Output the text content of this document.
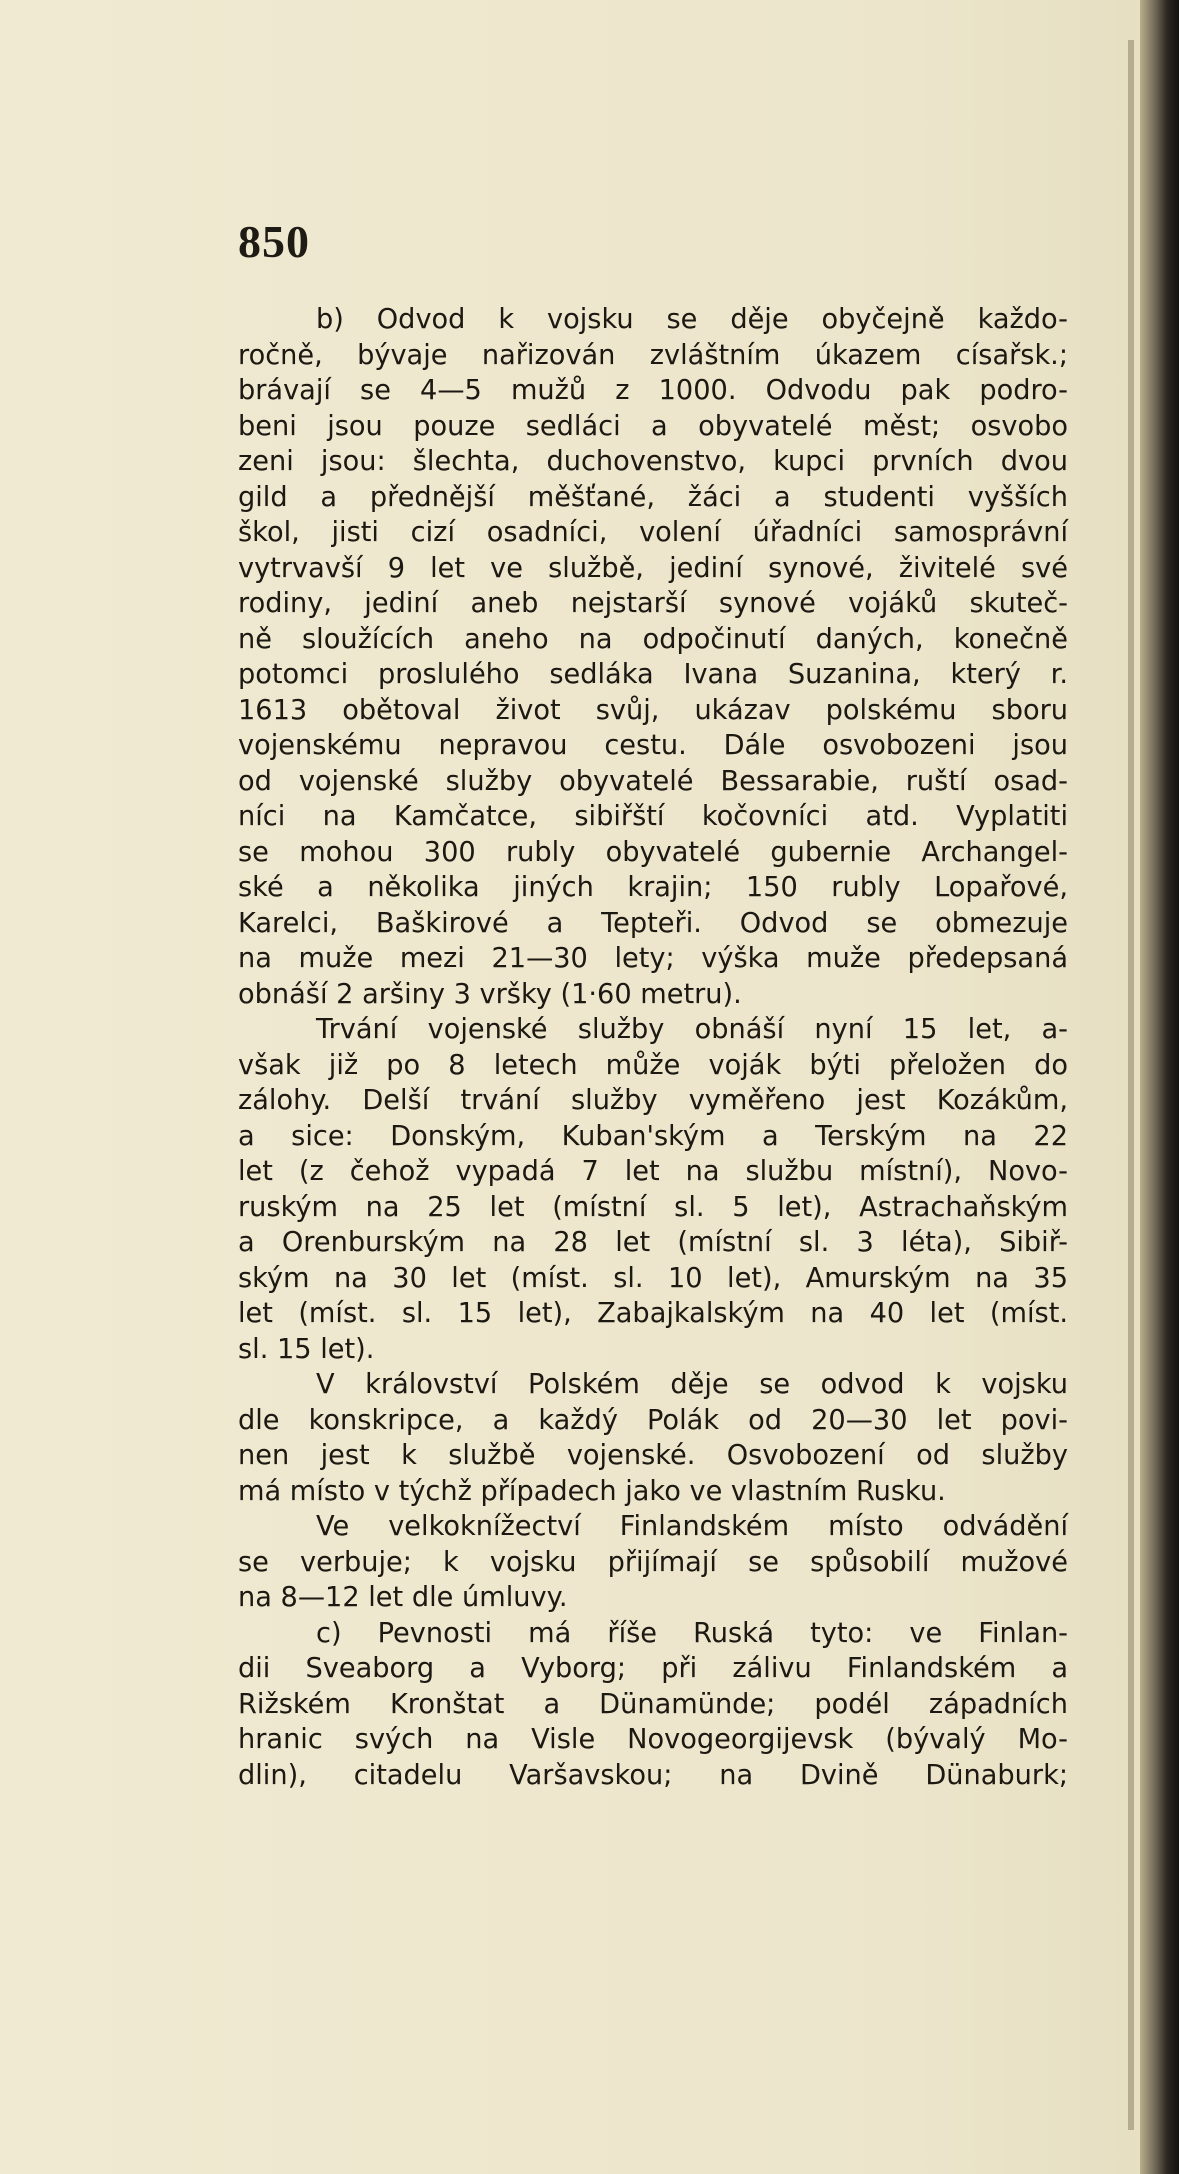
850
b) Odvod k vojsku se děje obyčejně každo-
ročně, bývaje nařizován zvláštním úkazem císařsk.;
brávají se 4—5 mužů z 1000. Odvodu pak podro-
beni jsou pouze sedláci a obyvatelé měst; osvobo
zeni jsou: šlechta, duchovenstvo, kupci prvních dvou
gild a přednější měšťané, žáci a studenti vyšších
škol, jisti cizí osadníci, volení úřadníci samosprávní
vytrvavší 9 let ve službě, jediní synové, živitelé své
rodiny, jediní aneb nejstarší synové vojáků skuteč-
ně sloužících aneho na odpočinutí daných, konečně
potomci proslulého sedláka Ivana Suzanina, který r.
1613 obětoval život svůj, ukázav polskému sboru
vojenskému nepravou cestu. Dále osvobozeni jsou
od vojenské služby obyvatelé Bessarabie, ruští osad-
níci na Kamčatce, sibiřští kočovníci atd. Vyplatiti
se mohou 300 rubly obyvatelé gubernie Archangel-
ské a několika jiných krajin; 150 rubly Lopařové,
Karelci, Baškirové a Tepteři. Odvod se obmezuje
na muže mezi 21—30 lety; výška muže předepsaná
obnáší 2 aršiny 3 vršky (1·60 metru).
Trvání vojenské služby obnáší nyní 15 let, a-
však již po 8 letech může voják býti přeložen do
zálohy. Delší trvání služby vyměřeno jest Kozákům,
a sice: Donským, Kuban'ským a Terským na 22
let (z čehož vypadá 7 let na službu místní), Novo-
ruským na 25 let (místní sl. 5 let), Astrachaňským
a Orenburským na 28 let (místní sl. 3 léta), Sibiř-
ským na 30 let (míst. sl. 10 let), Amurským na 35
let (míst. sl. 15 let), Zabajkalským na 40 let (míst.
sl. 15 let).
V království Polském děje se odvod k vojsku
dle konskripce, a každý Polák od 20—30 let povi-
nen jest k službě vojenské. Osvobození od služby
má místo v týchž případech jako ve vlastním Rusku.
Ve velkoknížectví Finlandském místo odvádění
se verbuje; k vojsku přijímají se spůsobilí mužové
na 8—12 let dle úmluvy.
c) Pevnosti má říše Ruská tyto: ve Finlan-
dii Sveaborg a Vyborg; při zálivu Finlandském a
Rižském Kronštat a Dünamünde; podél západních
hranic svých na Visle Novogeorgijevsk (bývalý Mo-
dlin), citadelu Varšavskou; na Dvině Dünaburk;
